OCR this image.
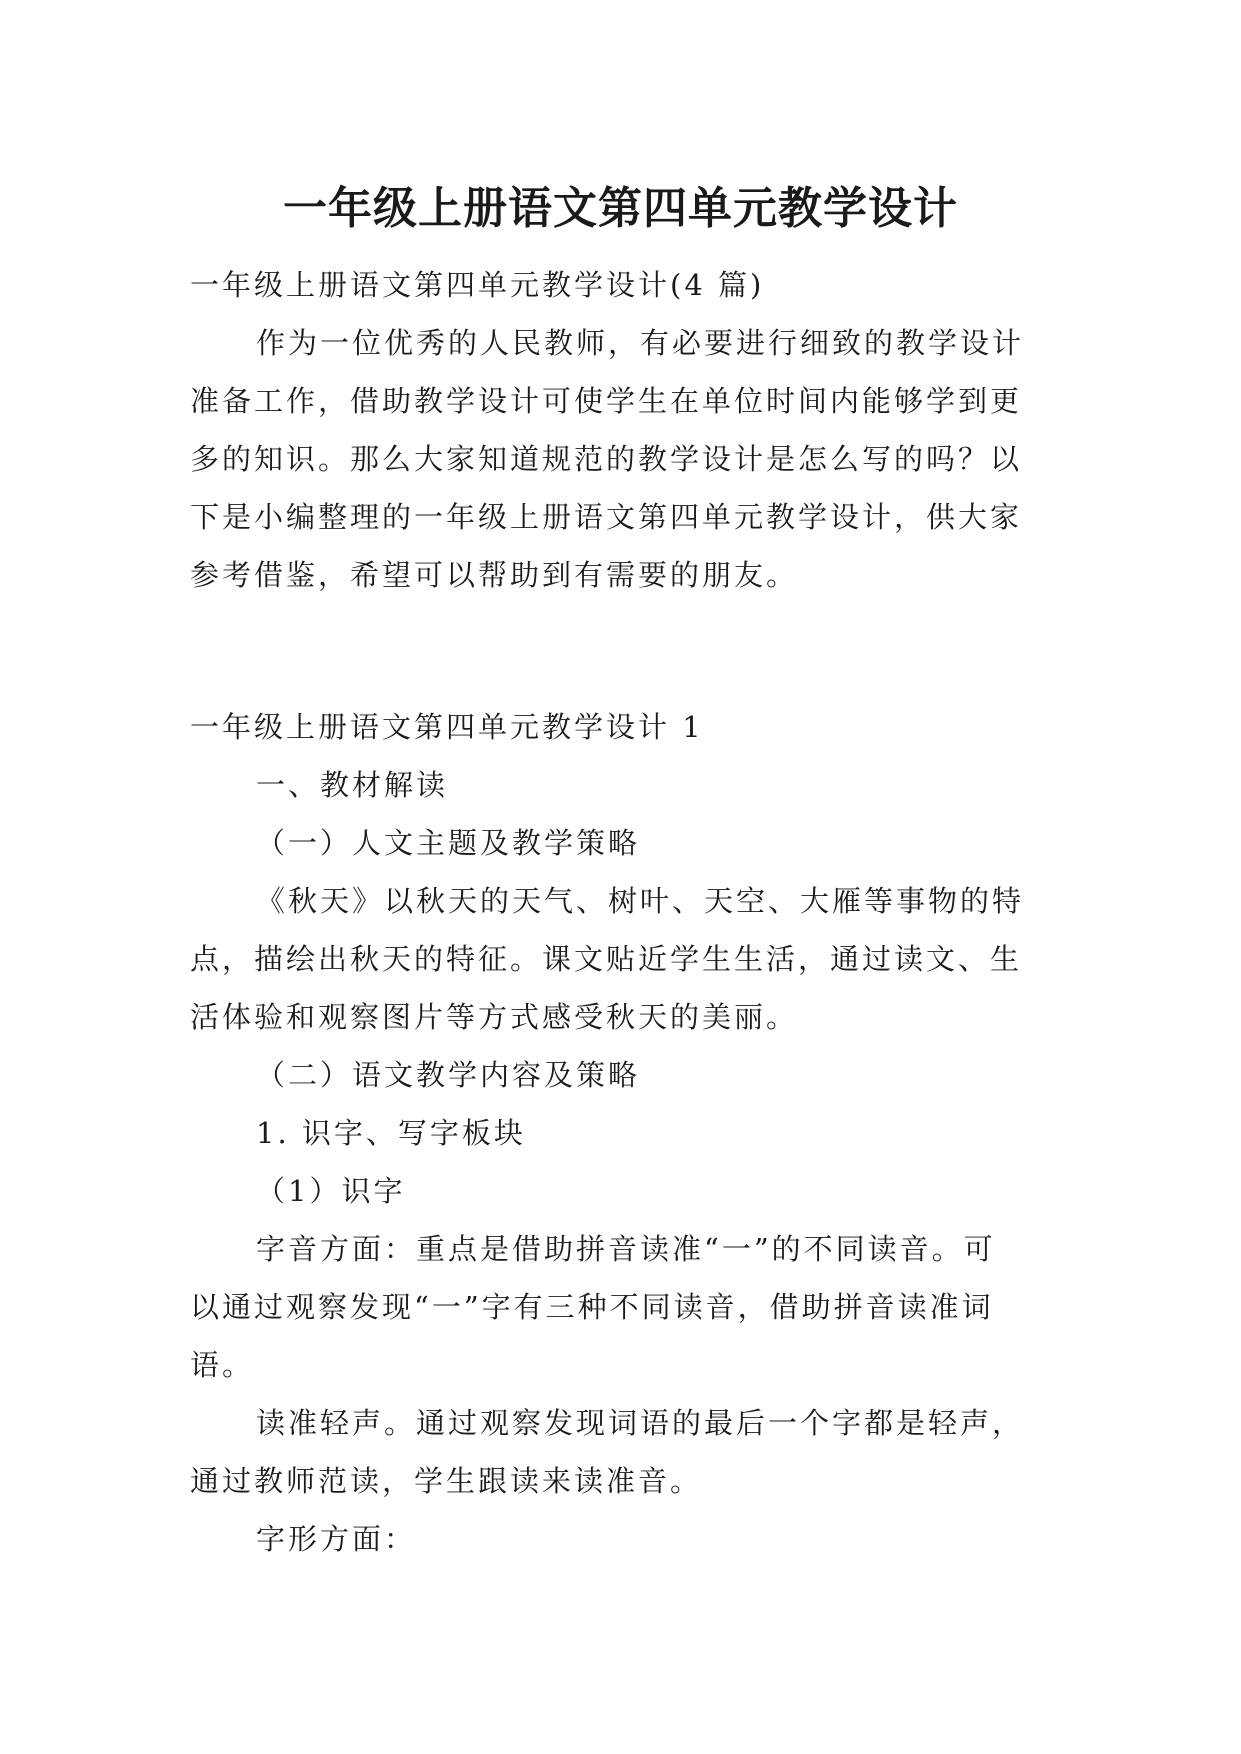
一年级上册语文第四单元教学设计
一年级上册语文第四单元教学设计(4 篇)
作为一位优秀的人民教师，有必要进行细致的教学设计
准备工作，借助教学设计可使学生在单位时间内能够学到更
多的知识。那么大家知道规范的教学设计是怎么写的吗？以
下是小编整理的一年级上册语文第四单元教学设计，供大家
参考借鉴，希望可以帮助到有需要的朋友。
一年级上册语文第四单元教学设计 1
一、教材解读
（一）人文主题及教学策略
《秋天》以秋天的天气、树叶、天空、大雁等事物的特
点，描绘出秋天的特征。课文贴近学生生活，通过读文、生
活体验和观察图片等方式感受秋天的美丽。
（二）语文教学内容及策略
1. 识字、写字板块
（1）识字
字音方面：重点是借助拼音读准“一”的不同读音。可
以通过观察发现“一”字有三种不同读音，借助拼音读准词
语。
读准轻声。通过观察发现词语的最后一个字都是轻声，
通过教师范读，学生跟读来读准音。
字形方面：
